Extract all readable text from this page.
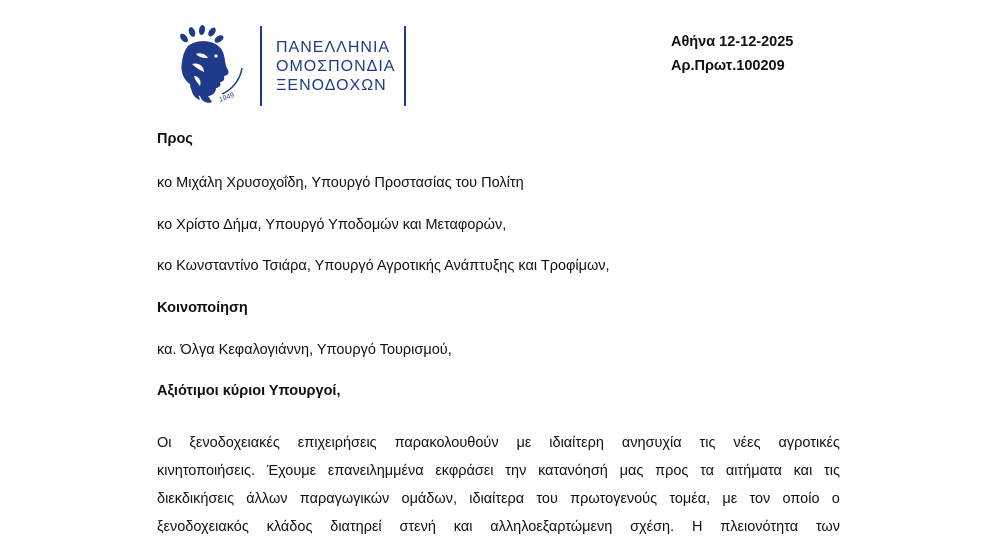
1949
ΠΑΝΕΛΛΗΝΙΑ
ΟΜΟΣΠΟΝΔΙΑ
ΞΕΝΟΔΟΧΩΝ
Αθήνα 12-12-2025
Αρ.Πρωτ.100209
Προς
κο Μιχάλη Χρυσοχοΐδη, Υπουργό Προστασίας του Πολίτη
κο Χρίστο Δήμα, Υπουργό Υποδομών και Μεταφορών,
κο Κωνσταντίνο Τσιάρα, Υπουργό Αγροτικής Ανάπτυξης και Τροφίμων,
Κοινοποίηση
κα. Όλγα Κεφαλογιάννη, Υπουργό Τουρισμού,
Αξιότιμοι κύριοι Υπουργοί,
Οι ξενοδοχειακές επιχειρήσεις παρακολουθούν με ιδιαίτερη ανησυχία τις νέες αγροτικές
κινητοποιήσεις. Έχουμε επανειλημμένα εκφράσει την κατανόησή μας προς τα αιτήματα και τις
διεκδικήσεις άλλων παραγωγικών ομάδων, ιδιαίτερα του πρωτογενούς τομέα, με τον οποίο ο
ξενοδοχειακός κλάδος διατηρεί στενή και αλληλοεξαρτώμενη σχέση. Η πλειονότητα των
